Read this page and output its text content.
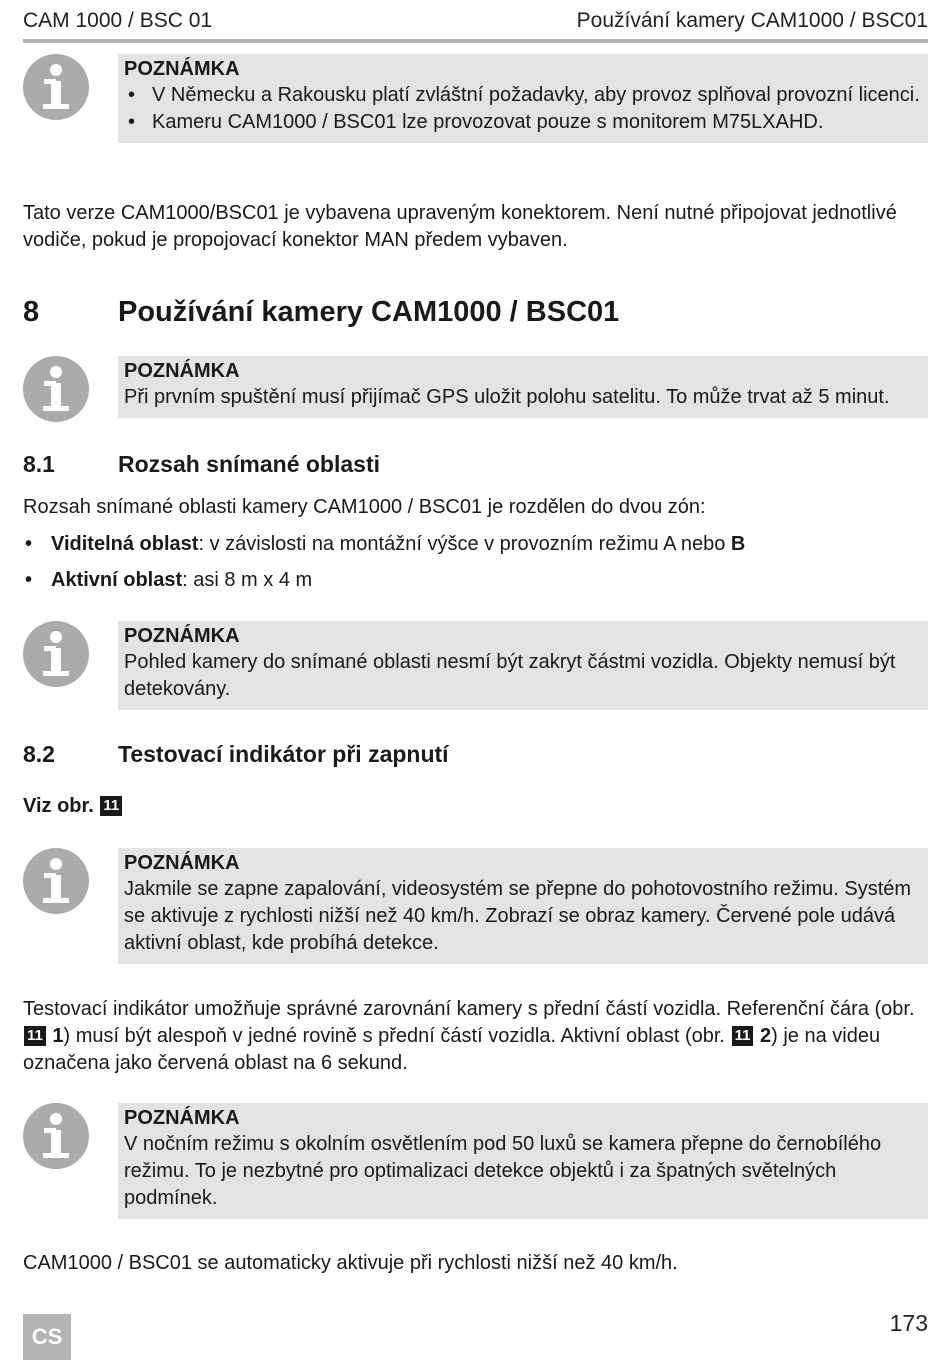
CAM 1000 / BSC 01	Používání kamery CAM1000 / BSC01
POZNÁMKA
• V Německu a Rakousku platí zvláštní požadavky, aby provoz splňoval provozní licenci.
• Kameru CAM1000 / BSC01 lze provozovat pouze s monitorem M75LXAHD.
Tato verze CAM1000/BSC01 je vybavena upraveným konektorem. Není nutné připojovat jednotlivé vodiče, pokud je propojovací konektor MAN předem vybaven.
8	Používání kamery CAM1000 / BSC01
POZNÁMKA
Při prvním spuštění musí přijímač GPS uložit polohu satelitu. To může trvat až 5 minut.
8.1	Rozsah snímané oblasti
Rozsah snímané oblasti kamery CAM1000 / BSC01 je rozdělen do dvou zón:
• Viditelná oblast: v závislosti na montážní výšce v provozním režimu A nebo B
• Aktivní oblast: asi 8 m x 4 m
POZNÁMKA
Pohled kamery do snímané oblasti nesmí být zakryt částmi vozidla. Objekty nemusí být detekovány.
8.2	Testovací indikátor při zapnutí
Viz obr. 11
POZNÁMKA
Jakmile se zapne zapalování, videosystém se přepne do pohotovostního režimu. Systém se aktivuje z rychlosti nižší než 40 km/h. Zobrazí se obraz kamery. Červené pole udává aktivní oblast, kde probíhá detekce.
Testovací indikátor umožňuje správné zarovnání kamery s přední částí vozidla. Referenční čára (obr. 11 1) musí být alespoň v jedné rovině s přední částí vozidla. Aktivní oblast (obr. 11 2) je na videu označena jako červená oblast na 6 sekund.
POZNÁMKA
V nočním režimu s okolním osvětlením pod 50 luxů se kamera přepne do černobílého režimu. To je nezbytné pro optimalizaci detekce objektů i za špatných světelných podmínek.
CAM1000 / BSC01 se automaticky aktivuje při rychlosti nižší než 40 km/h.
CS
173
